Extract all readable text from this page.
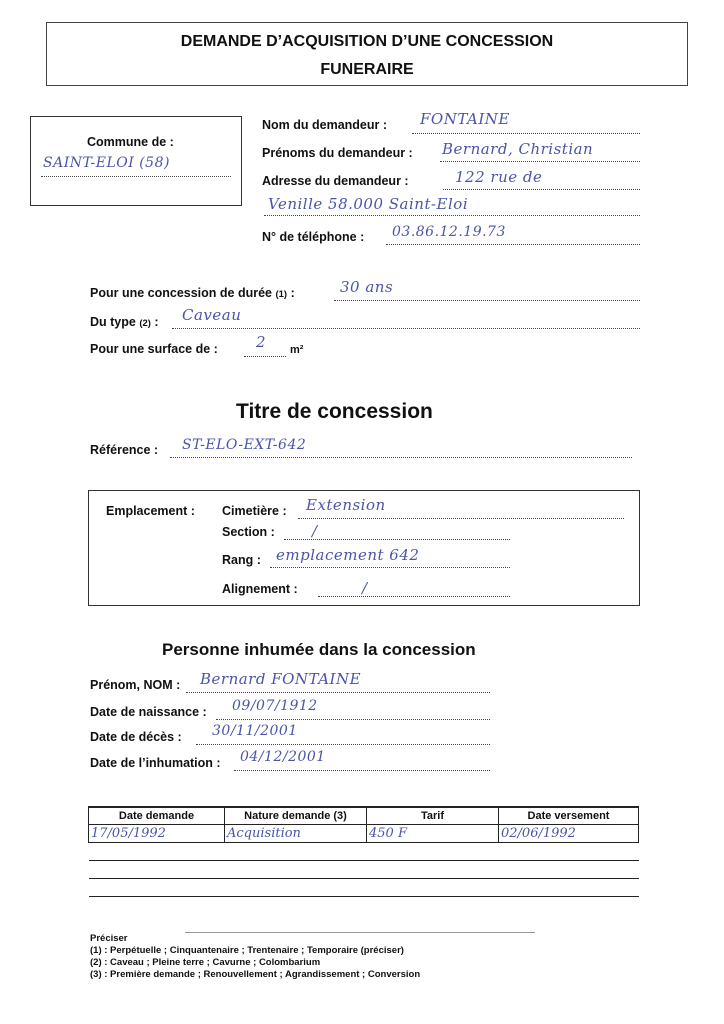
DEMANDE D’ACQUISITION D’UNE CONCESSION
FUNERAIRE
Commune de :
SAINT-ELOI (58)
Nom du demandeur : FONTAINE
Prénoms du demandeur : Bernard, Christian
Adresse du demandeur :	122 rue de
Venille 58.000 Saint-Eloi
N° de téléphone : 03.86.12.19.73
Pour une concession de durée (1) :	30 ans
Du type (2) : Caveau
Pour une surface de :	2 m²
Titre de concession
Référence : ST-ELO-EXT-642
Emplacement : Cimetière : Extension
Section : /
Rang : emplacement 642
Alignement :	/
Personne inhumée dans la concession
Prénom, NOM : Bernard FONTAINE
Date de naissance : 09/07/1912
Date de décès : 30/11/2001
Date de l’inhumation : 04/12/2001
Date demande	Nature demande (3)	Tarif	Date versement
17/05/1992	Acquisition	450 F	02/06/1992

Préciser
(1) : Perpétuelle ; Cinquantenaire ; Trentenaire ; Temporaire (préciser)
(2) : Caveau ; Pleine terre ; Cavurne ; Colombarium
(3) : Première demande ; Renouvellement ; Agrandissement ; Conversion
